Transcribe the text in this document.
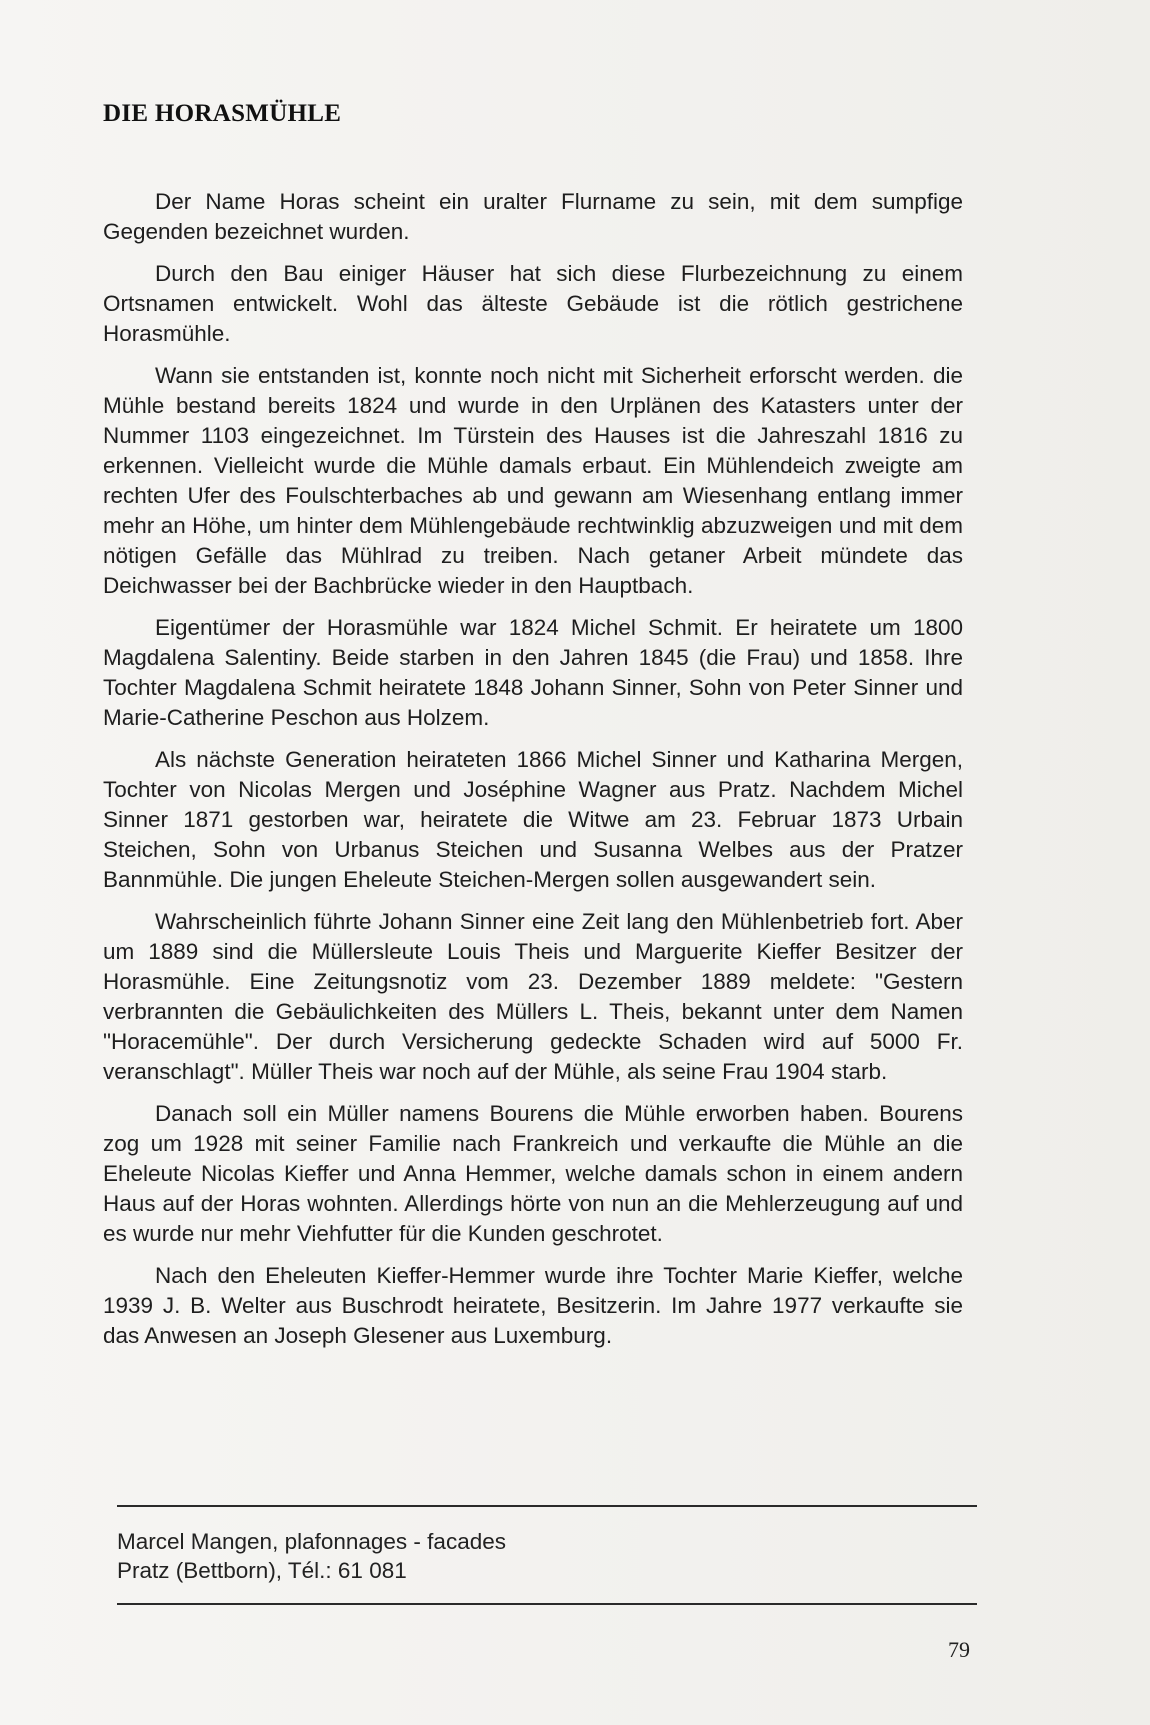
DIE HORASMÜHLE

Der Name Horas scheint ein uralter Flurname zu sein, mit dem sumpfige Gegenden bezeichnet wurden.

Durch den Bau einiger Häuser hat sich diese Flurbezeichnung zu einem Ortsnamen entwickelt. Wohl das älteste Gebäude ist die rötlich gestrichene Horasmühle.

Wann sie entstanden ist, konnte noch nicht mit Sicherheit erforscht werden. die Mühle bestand bereits 1824 und wurde in den Urplänen des Katasters unter der Nummer 1103 eingezeichnet. Im Türstein des Hauses ist die Jahreszahl 1816 zu erkennen. Vielleicht wurde die Mühle damals erbaut. Ein Mühlendeich zweigte am rechten Ufer des Foulschterbaches ab und gewann am Wiesenhang entlang immer mehr an Höhe, um hinter dem Mühlengebäude rechtwinklig abzuzweigen und mit dem nötigen Gefälle das Mühlrad zu treiben. Nach getaner Arbeit mündete das Deichwasser bei der Bachbrücke wieder in den Hauptbach.

Eigentümer der Horasmühle war 1824 Michel Schmit. Er heiratete um 1800 Magdalena Salentiny. Beide starben in den Jahren 1845 (die Frau) und 1858. Ihre Tochter Magdalena Schmit heiratete 1848 Johann Sinner, Sohn von Peter Sinner und Marie-Catherine Peschon aus Holzem.

Als nächste Generation heirateten 1866 Michel Sinner und Katharina Mergen, Tochter von Nicolas Mergen und Joséphine Wagner aus Pratz. Nachdem Michel Sinner 1871 gestorben war, heiratete die Witwe am 23. Februar 1873 Urbain Steichen, Sohn von Urbanus Steichen und Susanna Welbes aus der Pratzer Bannmühle. Die jungen Eheleute Steichen-Mergen sollen ausgewandert sein.

Wahrscheinlich führte Johann Sinner eine Zeit lang den Mühlenbetrieb fort. Aber um 1889 sind die Müllersleute Louis Theis und Marguerite Kieffer Besitzer der Horasmühle. Eine Zeitungsnotiz vom 23. Dezember 1889 meldete: "Gestern verbrannten die Gebäulichkeiten des Müllers L. Theis, bekannt unter dem Namen "Horacemühle". Der durch Versicherung gedeckte Schaden wird auf 5000 Fr. veranschlagt". Müller Theis war noch auf der Mühle, als seine Frau 1904 starb.

Danach soll ein Müller namens Bourens die Mühle erworben haben. Bourens zog um 1928 mit seiner Familie nach Frankreich und verkaufte die Mühle an die Eheleute Nicolas Kieffer und Anna Hemmer, welche damals schon in einem andern Haus auf der Horas wohnten. Allerdings hörte von nun an die Mehlerzeugung auf und es wurde nur mehr Viehfutter für die Kunden geschrotet.

Nach den Eheleuten Kieffer-Hemmer wurde ihre Tochter Marie Kieffer, welche 1939 J. B. Welter aus Buschrodt heiratete, Besitzerin. Im Jahre 1977 verkaufte sie das Anwesen an Joseph Glesener aus Luxemburg.

Marcel Mangen, plafonnages - facades
Pratz (Bettborn), Tél.: 61 081
79
